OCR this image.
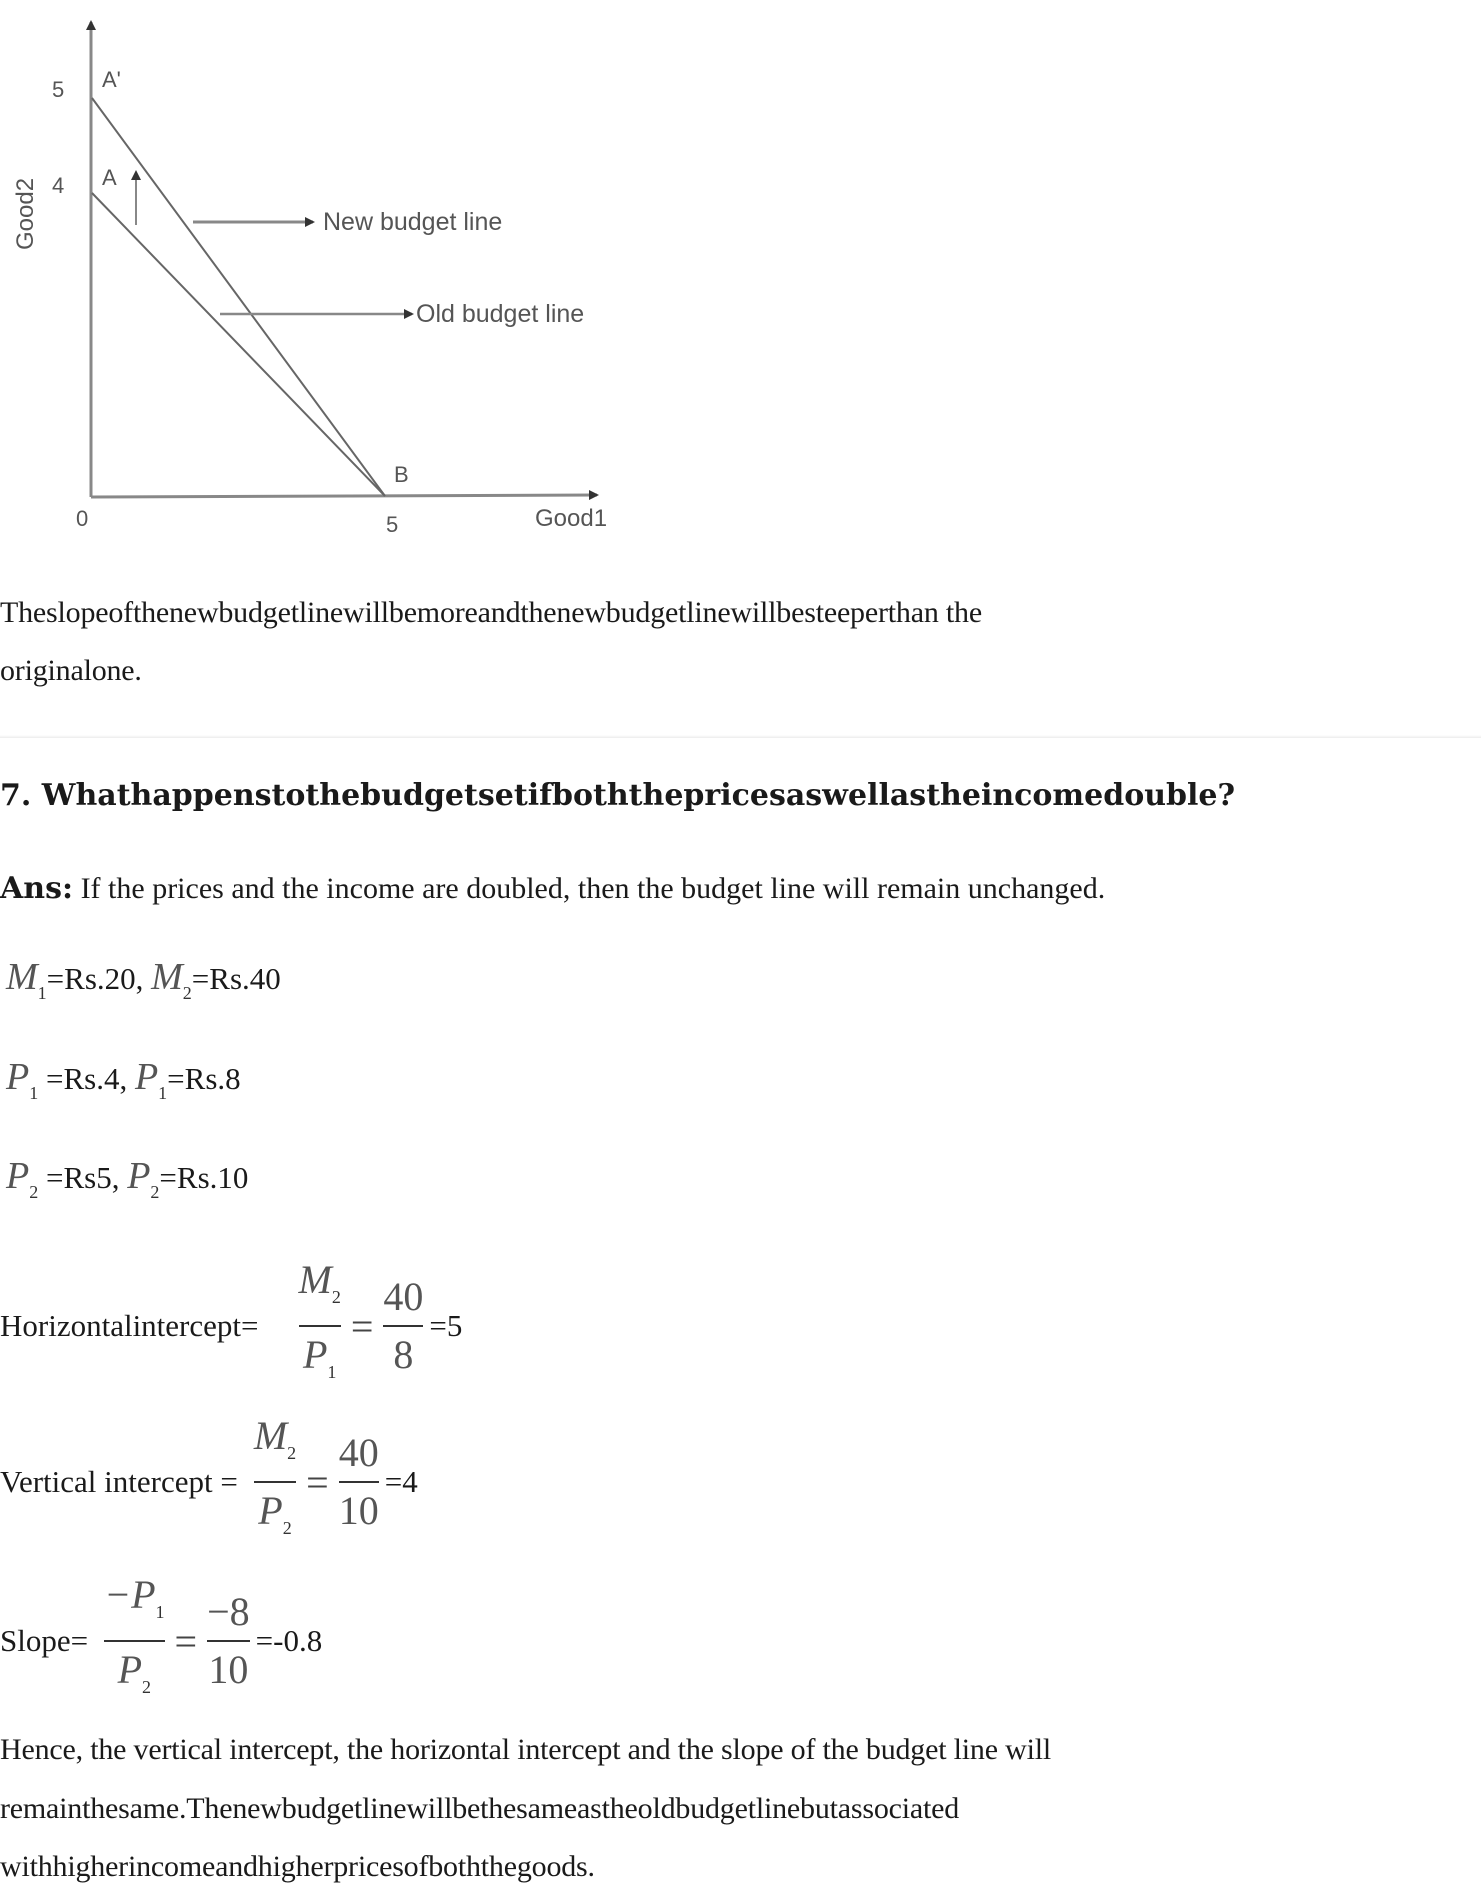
5
4
A'
A
B
0	5	Good1
Good2	New budget line
Old budget line
Theslopeofthenewbudgetlinewillbemoreandthenewbudgetlinewillbesteeperthan the
originalone.
7. Whathappenstothebudgetsetifboththepricesaswellastheincomedouble?
Ans: If the prices and the income are doubled, then the budget line will remain unchanged.
$M_1=Rs.20$, $M_2=Rs.40$
$P_1 =Rs.4$, $P_1=Rs.8$
$P_2 =Rs5$, $P_2=Rs.10$
Horizontalintercept= $\frac{M_2}{P_1} = \frac{40}{8} =5$
Vertical intercept = $\frac{M_2}{P_2} = \frac{40}{10} =4$
Slope= $\frac{-P_1}{P_2} = \frac{-8}{10} =-0.8$
Hence, the vertical intercept, the horizontal intercept and the slope of the budget line will
remainthesame.Thenewbudgetlinewillbethesameastheoldbudgetlinebutassociated
withhigherincomeandhigherpricesofboththegoods.
